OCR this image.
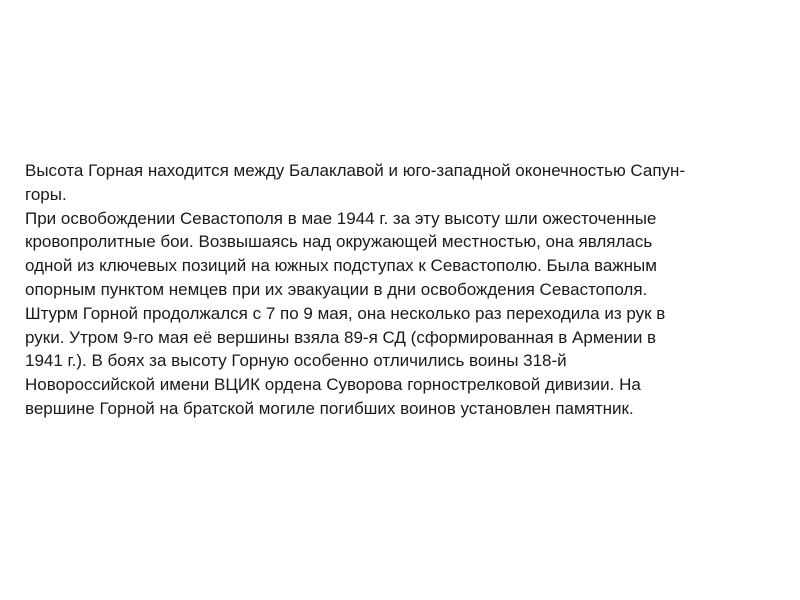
Высота Горная находится между Балаклавой и юго-западной оконечностью Сапун-
горы.
При освобождении Севастополя в мае 1944 г. за эту высоту шли ожесточенные
кровопролитные бои. Возвышаясь над окружающей местностью, она являлась
одной из ключевых позиций на южных подступах к Севастополю. Была важным
опорным пунктом немцев при их эвакуации в дни освобождения Севастополя.
Штурм Горной продолжался с 7 по 9 мая, она несколько раз переходила из рук в
руки. Утром 9-го мая её вершины взяла 89-я СД (сформированная в Армении в
1941 г.). В боях за высоту Горную особенно отличились воины 318-й
Новороссийской имени ВЦИК ордена Суворова горнострелковой дивизии. На
вершине Горной на братской могиле погибших воинов установлен памятник.
